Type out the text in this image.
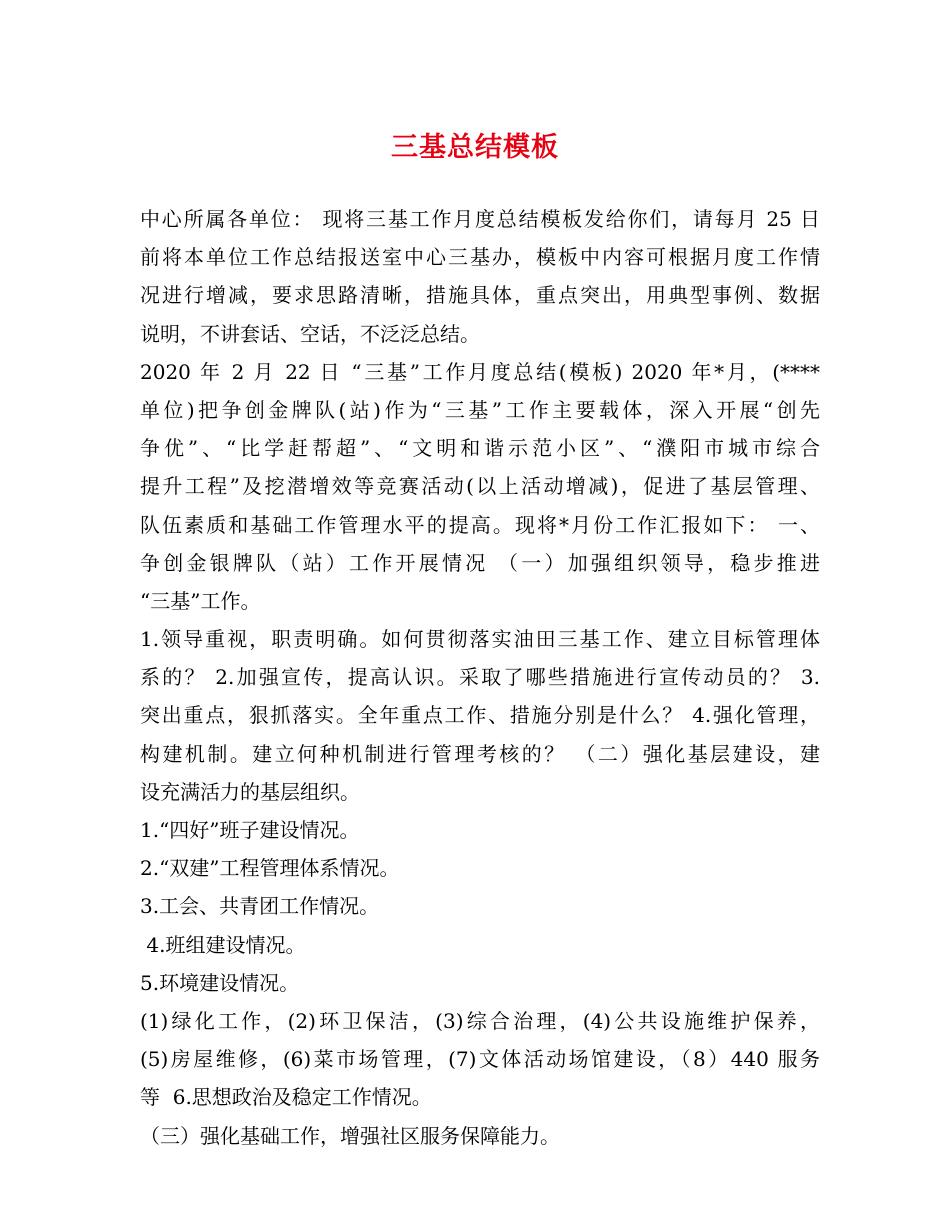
三基总结模板
中心所属各单位： 现将三基工作月度总结模板发给你们，请每月 25 日
前将本单位工作总结报送室中心三基办，模板中内容可根据月度工作情
况进行增减，要求思路清晰，措施具体，重点突出，用典型事例、数据
说明，不讲套话、空话，不泛泛总结。
2020 年 2 月 22 日 “三基”工作月度总结(模板) 2020 年*月，(****
单位)把争创金牌队(站)作为“三基”工作主要载体，深入开展“创先
争优”、“比学赶帮超”、“文明和谐示范小区”、“濮阳市城市综合
提升工程”及挖潜增效等竞赛活动(以上活动增减)，促进了基层管理、
队伍素质和基础工作管理水平的提高。现将*月份工作汇报如下： 一、
争创金银牌队（站）工作开展情况 （一）加强组织领导，稳步推进
“三基”工作。
1.领导重视，职责明确。如何贯彻落实油田三基工作、建立目标管理体
系的？ 2.加强宣传，提高认识。采取了哪些措施进行宣传动员的？ 3.
突出重点，狠抓落实。全年重点工作、措施分别是什么？ 4.强化管理，
构建机制。建立何种机制进行管理考核的？ （二）强化基层建设，建
设充满活力的基层组织。
1.“四好”班子建设情况。
2.“双建”工程管理体系情况。
3.工会、共青团工作情况。
4.班组建设情况。
5.环境建设情况。
(1)绿化工作，(2)环卫保洁，(3)综合治理，(4)公共设施维护保养，
(5)房屋维修，(6)菜市场管理，(7)文体活动场馆建设，（8）440 服务
等  6.思想政治及稳定工作情况。
（三）强化基础工作，增强社区服务保障能力。
